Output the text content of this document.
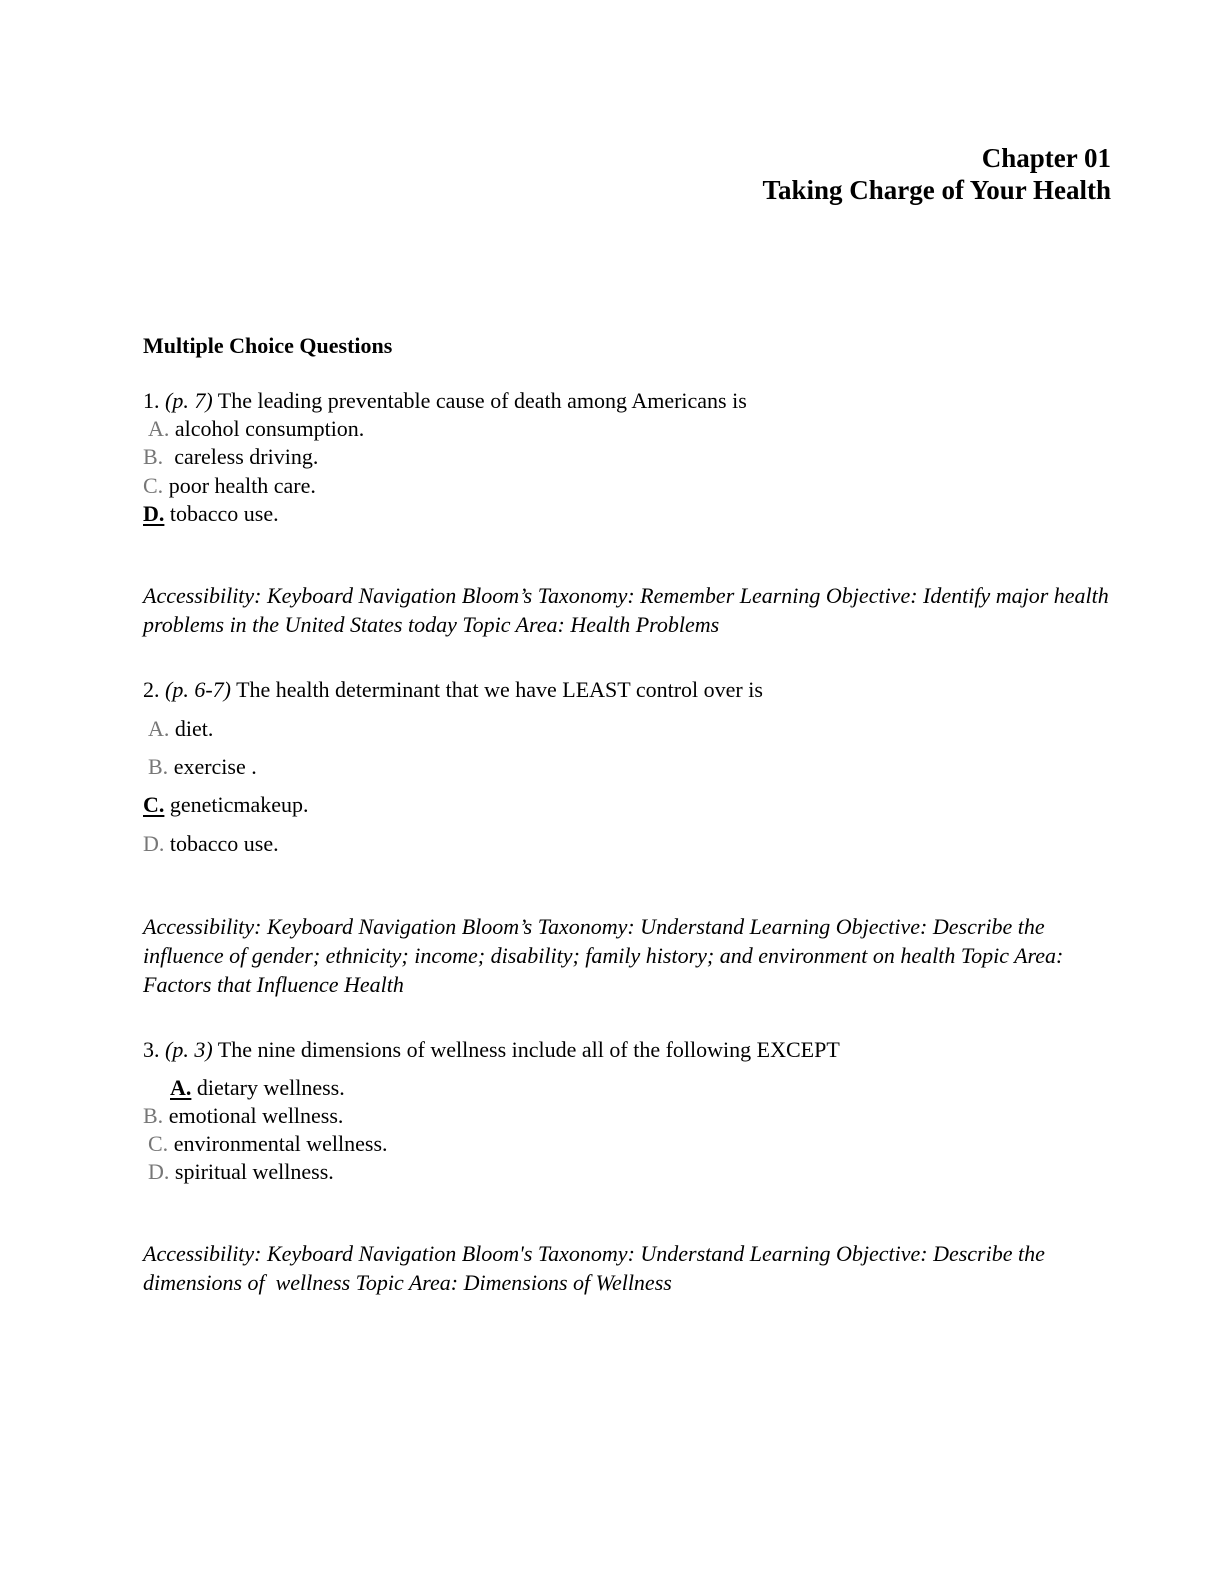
Chapter 01
Taking Charge of Your Health
Multiple Choice Questions
1. (p. 7) The leading preventable cause of death among Americans is
A. alcohol consumption.
B.  careless driving.
C. poor health care.
D. tobacco use.
Accessibility: Keyboard Navigation Bloom’s Taxonomy: Remember Learning Objective: Identify major health problems in the United States today Topic Area: Health Problems
2. (p. 6-7) The health determinant that we have LEAST control over is
A. diet.
B. exercise .
C. geneticmakeup.
D. tobacco use.
Accessibility: Keyboard Navigation Bloom’s Taxonomy: Understand Learning Objective: Describe the influence of gender; ethnicity; income; disability; family history; and environment on health Topic Area: Factors that Influence Health
3. (p. 3) The nine dimensions of wellness include all of the following EXCEPT
A. dietary wellness.
B. emotional wellness.
C. environmental wellness.
D. spiritual wellness.
Accessibility: Keyboard Navigation Bloom's Taxonomy: Understand Learning Objective: Describe the dimensions of  wellness Topic Area: Dimensions of Wellness
